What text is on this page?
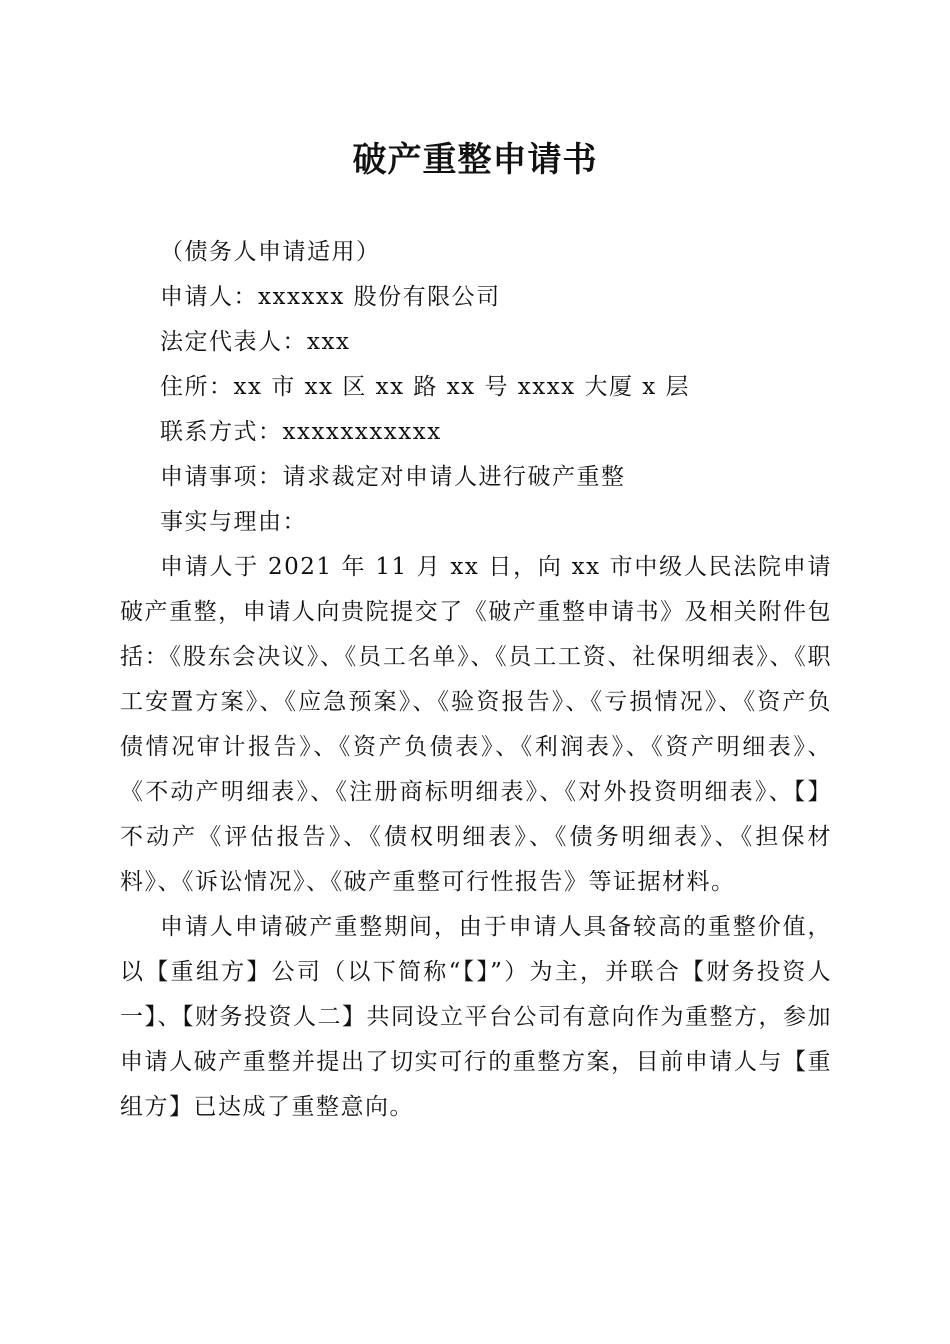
破产重整申请书

（债务人申请适用）

申请人：xxxxxx 股份有限公司

法定代表人：xxx

住所：xx 市 xx 区 xx 路 xx 号 xxxx 大厦 x 层

联系方式：xxxxxxxxxxx

申请事项：请求裁定对申请人进行破产重整

事实与理由：

申请人于 2021 年 11 月 xx 日，向 xx 市中级人民法院申请破产重整，申请人向贵院提交了《破产重整申请书》及相关附件包括：《股东会决议》、《员工名单》、《员工工资、社保明细表》、《职工安置方案》、《应急预案》、《验资报告》、《亏损情况》、《资产负债情况审计报告》、《资产负债表》、《利润表》、《资产明细表》、《不动产明细表》、《注册商标明细表》、《对外投资明细表》、【】不动产《评估报告》、《债权明细表》、《债务明细表》、《担保材料》、《诉讼情况》、《破产重整可行性报告》等证据材料。

申请人申请破产重整期间，由于申请人具备较高的重整价值，以【重组方】公司（以下简称“【】”）为主，并联合【财务投资人一】、【财务投资人二】共同设立平台公司有意向作为重整方，参加申请人破产重整并提出了切实可行的重整方案，目前申请人与【重组方】已达成了重整意向。
